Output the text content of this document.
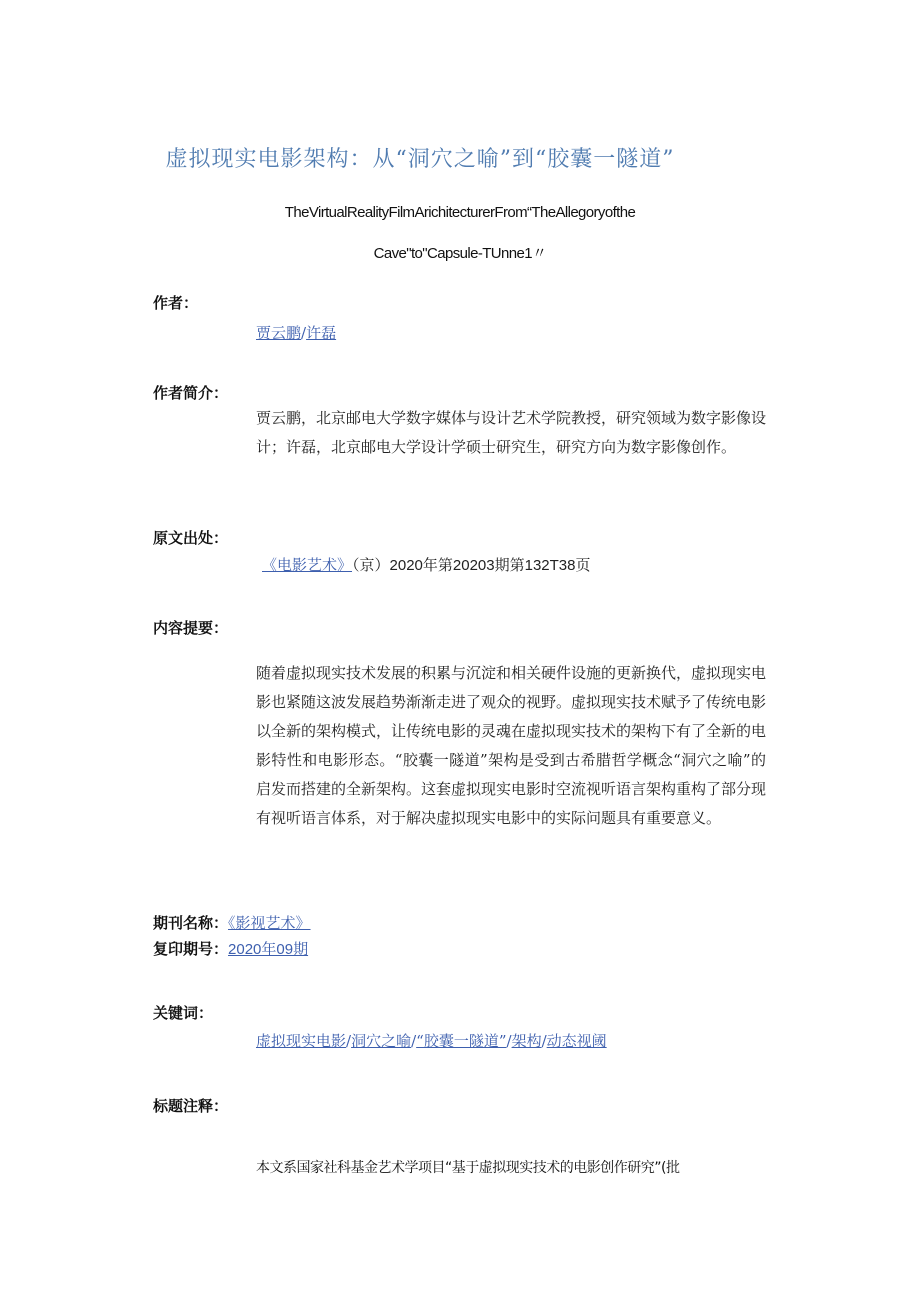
虚拟现实电影架构：从“洞穴之喻”到“胶囊一隧道”
TheVirtualRealityFilmArichitecturerFrom“TheAllegoryofthe
Cave"to"Capsule-TUnne1〃
作者：
贾云鹏/许磊
作者简介：
贾云鹏，北京邮电大学数字媒体与设计艺术学院教授，研究领域为数字影像设计；许磊，北京邮电大学设计学硕士研究生，研究方向为数字影像创作。
原文出处：
《电影艺术》（京）2020年第20203期第132T38页
内容提要：
随着虚拟现实技术发展的积累与沉淀和相关硬件设施的更新换代，虚拟现实电影也紧随这波发展趋势渐渐走进了观众的视野。虚拟现实技术赋予了传统电影以全新的架构模式，让传统电影的灵魂在虚拟现实技术的架构下有了全新的电影特性和电影形态。“胶囊一隧道”架构是受到古希腊哲学概念“洞穴之喻”的启发而搭建的全新架构。这套虚拟现实电影时空流视听语言架构重构了部分现有视听语言体系，对于解决虚拟现实电影中的实际问题具有重要意义。
期刊名称：《影视艺术》
复印期号：2020年09期
关键词：
虚拟现实电影/洞穴之喻/“胶囊一隧道”/架构/动态视阈
标题注释：
本文系国家社科基金艺术学项目“基于虚拟现实技术的电影创作研究”(批
